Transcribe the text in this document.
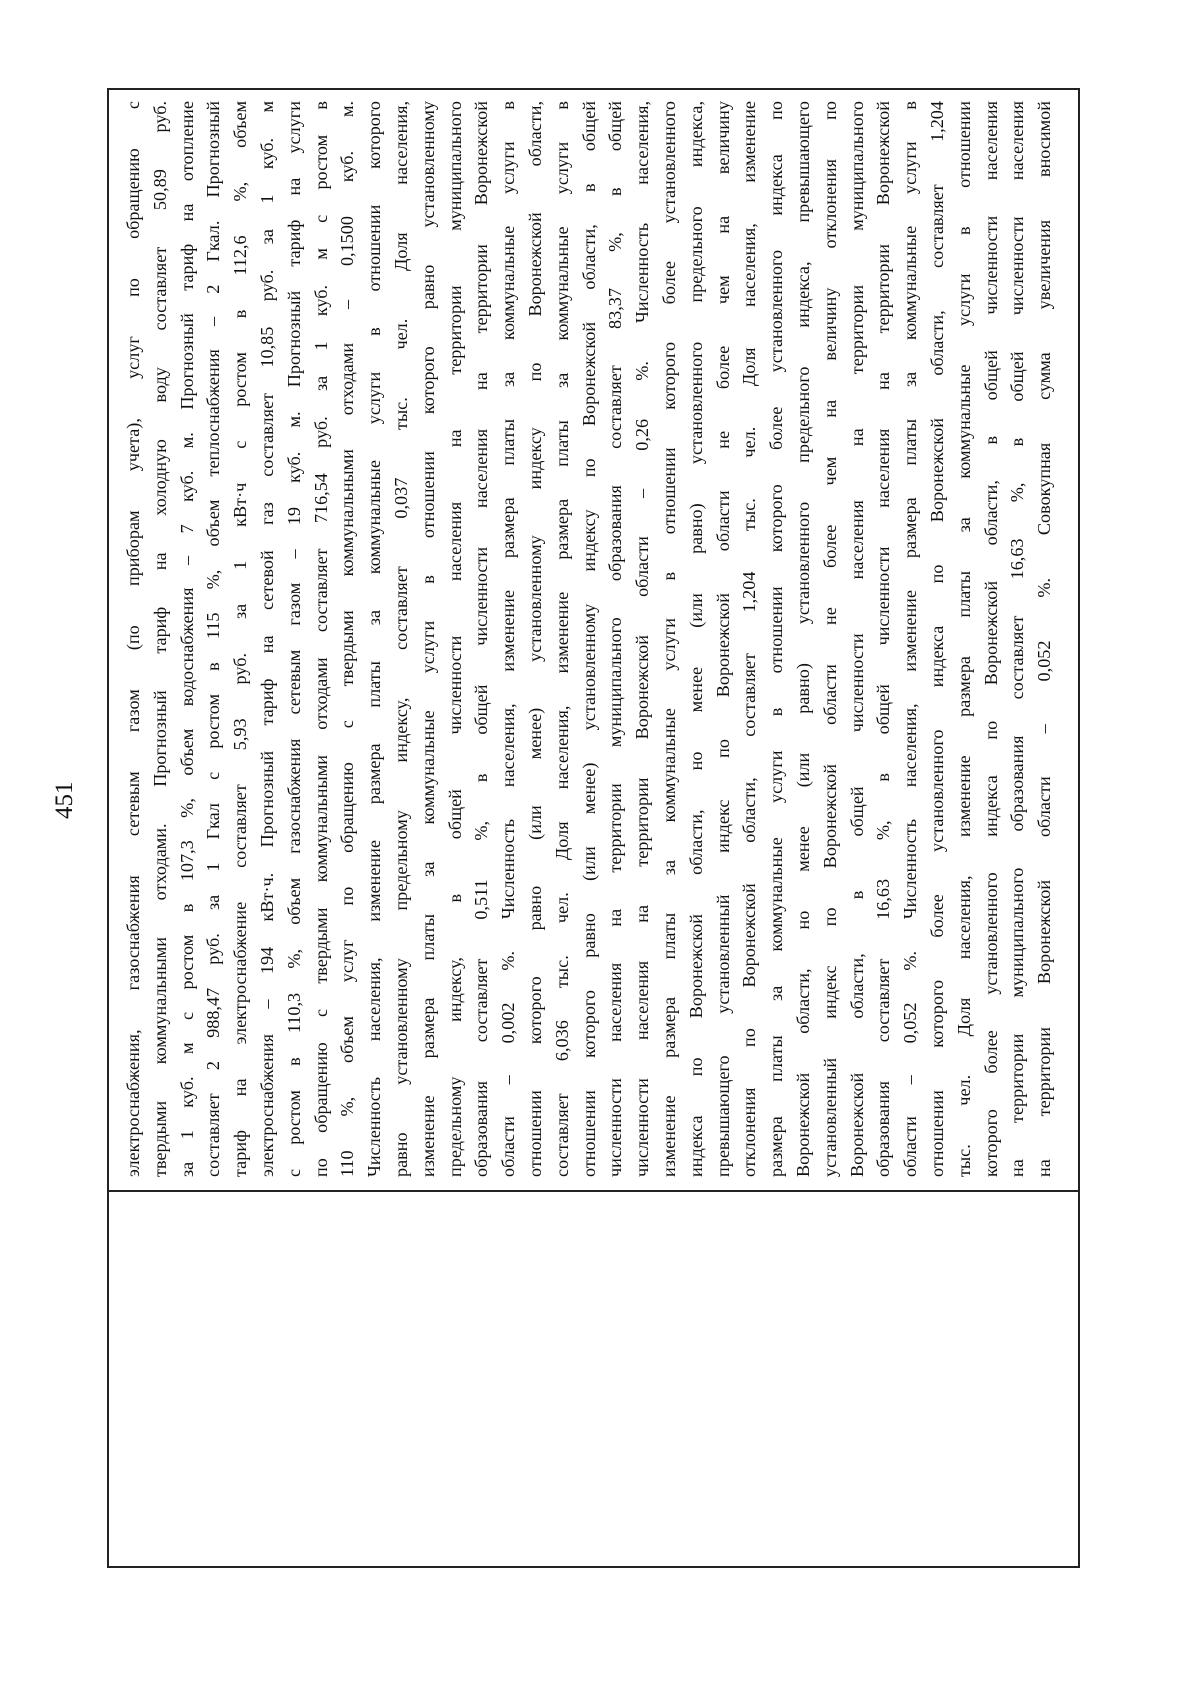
451	электроснабжения, газоснабжения сетевым газом (по приборам учета), услуг по обращению с твердыми коммунальными отходами. Прогнозный тариф на холодную воду составляет 50,89 руб. за 1 куб. м с ростом в 107,3 %, объем водоснабжения – 7 куб. м. Прогнозный тариф на отопление составляет 2 988,47 руб. за 1 Гкал с ростом в 115 %, объем теплоснабжения – 2 Гкал. Прогнозный тариф на электроснабжение составляет 5,93 руб. за 1 кВт·ч с ростом в 112,6 %, объем электроснабжения – 194 кВт·ч. Прогнозный тариф на сетевой газ составляет 10,85 руб. за 1 куб. м с ростом в 110,3 %, объем газоснабжения сетевым газом – 19 куб. м. Прогнозный тариф на услуги по обращению с твердыми коммунальными отходами составляет 716,54 руб. за 1 куб. м с ростом в 110 %, объем услуг по обращению с твердыми коммунальными отходами – 0,1500 куб. м. Численность населения, изменение размера платы за коммунальные услуги в отношении которого равно установленному предельному индексу, составляет 0,037 тыс. чел. Доля населения, изменение размера платы за коммунальные услуги в отношении которого равно установленному предельному индексу, в общей численности населения на территории муниципального образования составляет 0,511 %, в общей численности населения на территории Воронежской области – 0,002 %. Численность населения, изменение размера платы за коммунальные услуги в отношении которого равно (или менее) установленному индексу по Воронежской области, составляет 6,036 тыс. чел. Доля населения, изменение размера платы за коммунальные услуги в отношении которого равно (или менее) установленному индексу по Воронежской области, в общей численности населения на территории муниципального образования составляет 83,37 %, в общей численности населения на территории Воронежской области – 0,26 %. Численность населения, изменение размера платы за коммунальные услуги в отношении которого более установленного индекса по Воронежской области, но менее (или равно) установленного предельного индекса, превышающего установленный индекс по Воронежской области не более чем на величину отклонения по Воронежской области, составляет 1,204 тыс. чел. Доля населения, изменение размера платы за коммунальные услуги в отношении которого более установленного индекса по Воронежской области, но менее (или равно) установленного предельного индекса, превышающего установленный индекс по Воронежской области не более чем на величину отклонения по Воронежской области, в общей численности населения на территории муниципального образования составляет 16,63 %, в общей численности населения на территории Воронежской области – 0,052 %. Численность населения, изменение размера платы за коммунальные услуги в отношении которого более установленного индекса по Воронежской области, составляет 1,204 тыс. чел. Доля населения, изменение размера платы за коммунальные услуги в отношении которого более установленного индекса по Воронежской области, в общей численности населения на территории муниципального образования составляет 16,63 %, в общей численности населения на территории Воронежской области – 0,052 %. Совокупная сумма увеличения вносимой
